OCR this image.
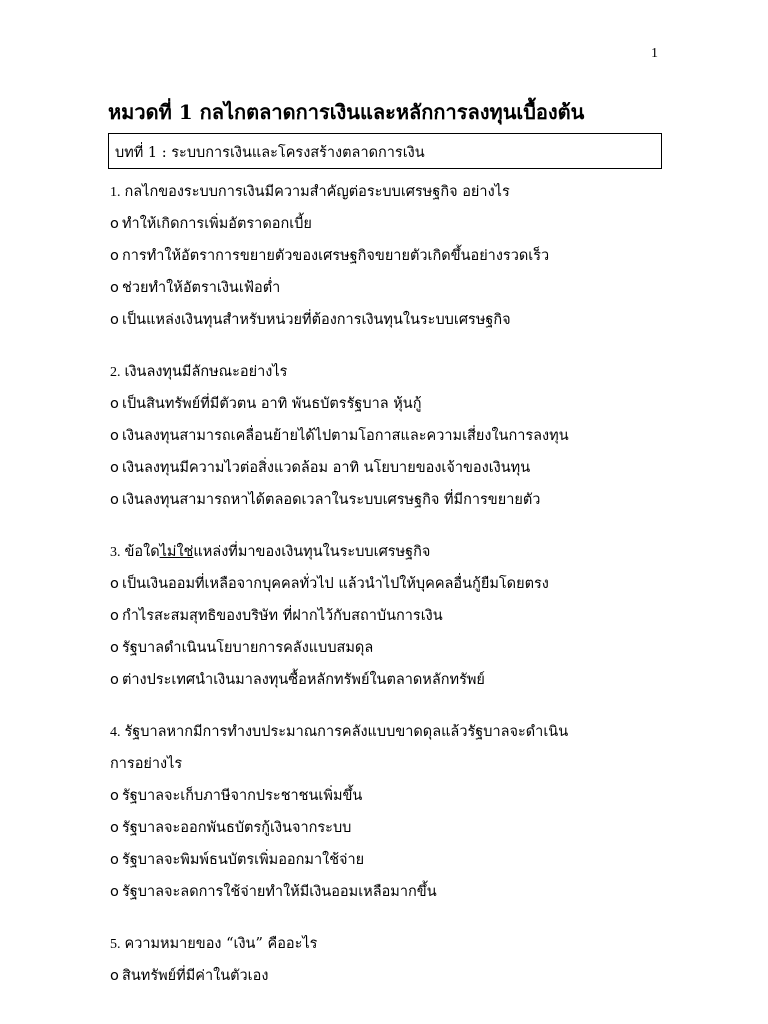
1
หมวดที่ 1 กลไกตลาดการเงินและหลักการลงทุนเบื้องต้น
บทที่ 1 : ระบบการเงินและโครงสร้างตลาดการเงิน
1. กลไกของระบบการเงินมีความสำคัญต่อระบบเศรษฐกิจ อย่างไร
o ทำให้เกิดการเพิ่มอัตราดอกเบี้ย
o การทำให้อัตราการขยายตัวของเศรษฐกิจขยายตัวเกิดขึ้นอย่างรวดเร็ว
o ช่วยทำให้อัตราเงินเฟ้อต่ำ
o เป็นแหล่งเงินทุนสำหรับหน่วยที่ต้องการเงินทุนในระบบเศรษฐกิจ
2. เงินลงทุนมีลักษณะอย่างไร
o เป็นสินทรัพย์ที่มีตัวตน อาทิ พันธบัตรรัฐบาล หุ้นกู้
o เงินลงทุนสามารถเคลื่อนย้ายได้ไปตามโอกาสและความเสี่ยงในการลงทุน
o เงินลงทุนมีความไวต่อสิ่งแวดล้อม อาทิ นโยบายของเจ้าของเงินทุน
o เงินลงทุนสามารถหาได้ตลอดเวลาในระบบเศรษฐกิจ ที่มีการขยายตัว
3. ข้อใดไม่ใช่แหล่งที่มาของเงินทุนในระบบเศรษฐกิจ
o เป็นเงินออมที่เหลือจากบุคคลทั่วไป แล้วนำไปให้บุคคลอื่นกู้ยืมโดยตรง
o กำไรสะสมสุทธิของบริษัท ที่ฝากไว้กับสถาบันการเงิน
o รัฐบาลดำเนินนโยบายการคลังแบบสมดุล
o ต่างประเทศนำเงินมาลงทุนซื้อหลักทรัพย์ในตลาดหลักทรัพย์
4. รัฐบาลหากมีการทำงบประมาณการคลังแบบขาดดุลแล้วรัฐบาลจะดำเนิน
การอย่างไร
o รัฐบาลจะเก็บภาษีจากประชาชนเพิ่มขึ้น
o รัฐบาลจะออกพันธบัตรกู้เงินจากระบบ
o รัฐบาลจะพิมพ์ธนบัตรเพิ่มออกมาใช้จ่าย
o รัฐบาลจะลดการใช้จ่ายทำให้มีเงินออมเหลือมากขึ้น
5. ความหมายของ “เงิน” คืออะไร
o สินทรัพย์ที่มีค่าในตัวเอง
